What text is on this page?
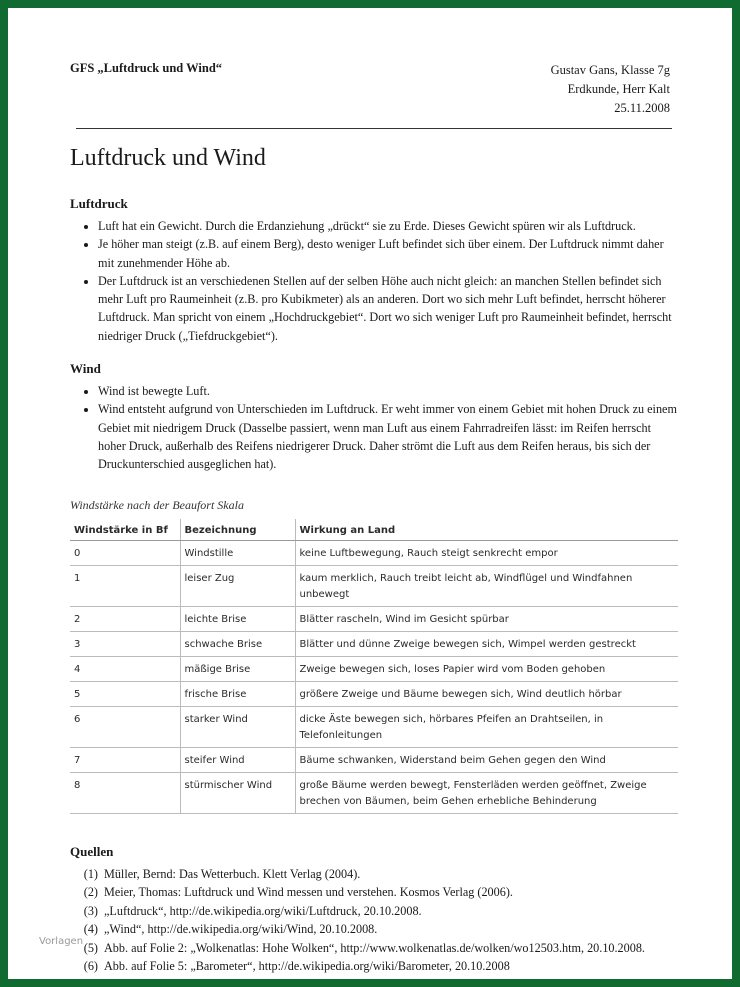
GFS „Luftdruck und Wind“	Gustav Gans, Klasse 7g
Erdkunde, Herr Kalt
25.11.2008
Luftdruck und Wind
Luftdruck
• Luft hat ein Gewicht. Durch die Erdanziehung „drückt“ sie zu Erde. Dieses Gewicht spüren wir als Luftdruck.
• Je höher man steigt (z.B. auf einem Berg), desto weniger Luft befindet sich über einem. Der Luftdruck nimmt daher mit zunehmender Höhe ab.
• Der Luftdruck ist an verschiedenen Stellen auf der selben Höhe auch nicht gleich: an manchen Stellen befindet sich mehr Luft pro Raumeinheit (z.B. pro Kubikmeter) als an anderen. Dort wo sich mehr Luft befindet, herrscht höherer Luftdruck. Man spricht von einem „Hochdruckgebiet“. Dort wo sich weniger Luft pro Raumeinheit befindet, herrscht niedriger Druck („Tiefdruckgebiet“).
Wind
• Wind ist bewegte Luft.
• Wind entsteht aufgrund von Unterschieden im Luftdruck. Er weht immer von einem Gebiet mit hohen Druck zu einem Gebiet mit niedrigem Druck (Dasselbe passiert, wenn man Luft aus einem Fahrradreifen lässt: im Reifen herrscht hoher Druck, außerhalb des Reifens niedrigerer Druck. Daher strömt die Luft aus dem Reifen heraus, bis sich der Druckunterschied ausgeglichen hat).
Windstärke nach der Beaufort Skala
Windstärke in Bf	Bezeichnung	Wirkung an Land
0	Windstille	keine Luftbewegung, Rauch steigt senkrecht empor
1	leiser Zug	kaum merklich, Rauch treibt leicht ab, Windflügel und Windfahnen unbewegt
2	leichte Brise	Blätter rascheln, Wind im Gesicht spürbar
3	schwache Brise	Blätter und dünne Zweige bewegen sich, Wimpel werden gestreckt
4	mäßige Brise	Zweige bewegen sich, loses Papier wird vom Boden gehoben
5	frische Brise	größere Zweige und Bäume bewegen sich, Wind deutlich hörbar
6	starker Wind	dicke Äste bewegen sich, hörbares Pfeifen an Drahtseilen, in Telefonleitungen
7	steifer Wind	Bäume schwanken, Widerstand beim Gehen gegen den Wind
8	stürmischer Wind	große Bäume werden bewegt, Fensterläden werden geöffnet, Zweige brechen von Bäumen, beim Gehen erhebliche Behinderung
Quellen
(1) Müller, Bernd: Das Wetterbuch. Klett Verlag (2004).
(2) Meier, Thomas: Luftdruck und Wind messen und verstehen. Kosmos Verlag (2006).
(3) „Luftdruck“, http://de.wikipedia.org/wiki/Luftdruck, 20.10.2008.
(4) „Wind“, http://de.wikipedia.org/wiki/Wind, 20.10.2008.
(5) Abb. auf Folie 2: „Wolkenatlas: Hohe Wolken“, http://www.wolkenatlas.de/wolken/wo12503.htm, 20.10.2008.
(6) Abb. auf Folie 5: „Barometer“, http://de.wikipedia.org/wiki/Barometer, 20.10.2008
Vorlagen
